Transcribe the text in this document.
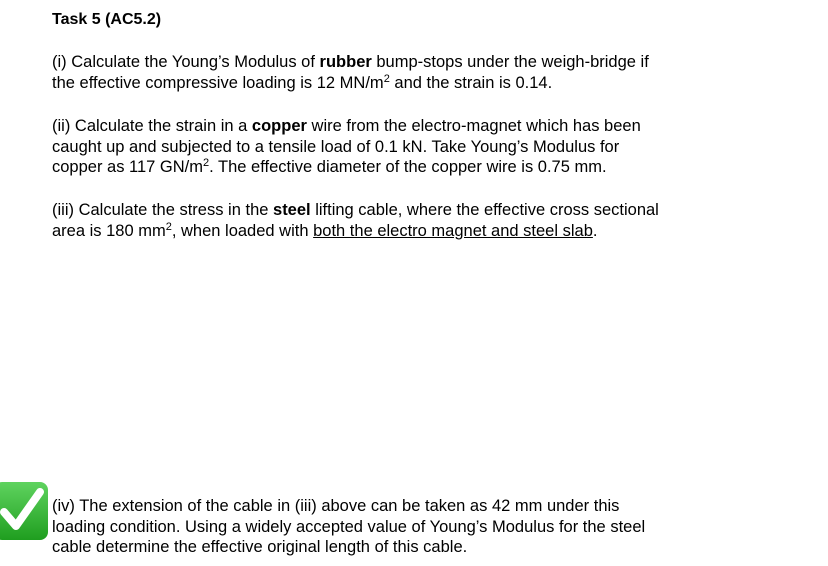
Task 5 (AC5.2)

(i) Calculate the Young’s Modulus of rubber bump-stops under the weigh-bridge if
the effective compressive loading is 12 $MN/m^2$ and the strain is 0.14.

(ii) Calculate the strain in a copper wire from the electro-magnet which has been
caught up and subjected to a tensile load of 0.1 kN. Take Young’s Modulus for
copper as 117 $GN/m^2$. The effective diameter of the copper wire is 0.75 mm.

(iii) Calculate the stress in the steel lifting cable, where the effective cross sectional
area is 180 $mm^2$, when loaded with both the electro magnet and steel slab.

(iv) The extension of the cable in (iii) above can be taken as 42 mm under this
loading condition. Using a widely accepted value of Young’s Modulus for the steel
cable determine the effective original length of this cable.
